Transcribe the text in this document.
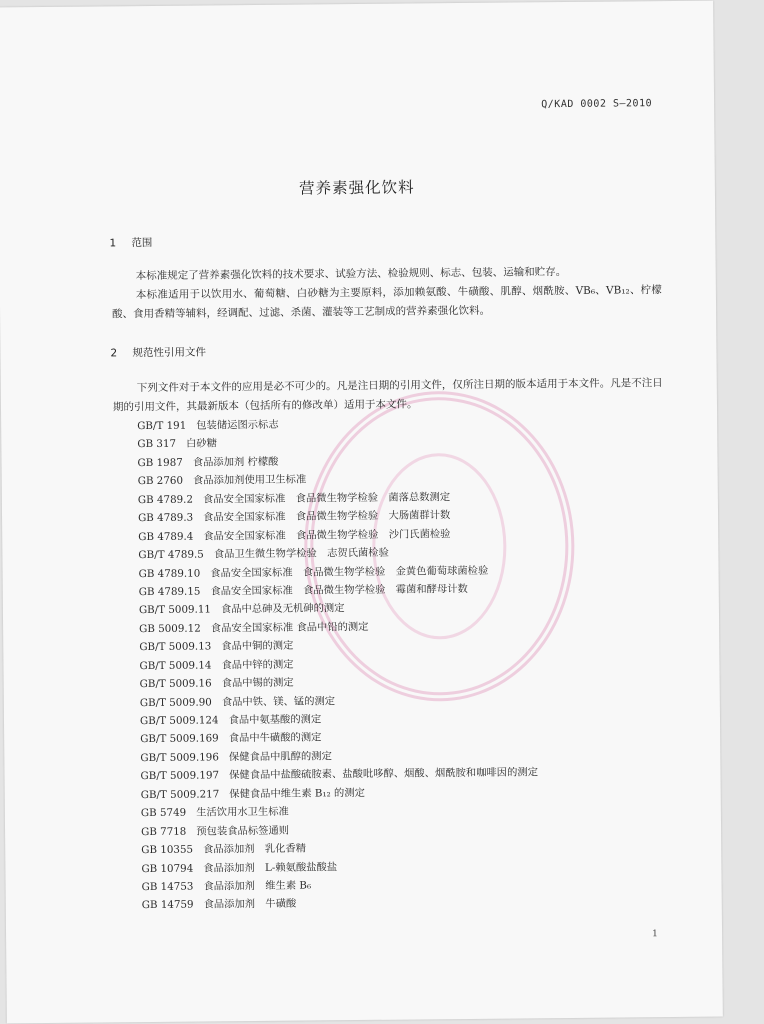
Q/KAD 0002 S—2010
营养素强化饮料
1 范围

本标准规定了营养素强化饮料的技术要求、试验方法、检验规则、标志、包装、运输和贮存。

本标准适用于以饮用水、葡萄糖、白砂糖为主要原料，添加赖氨酸、牛磺酸、肌醇、烟酰胺、VB₆、VB₁₂、柠檬酸、食用香精等辅料，经调配、过滤、杀菌、灌装等工艺制成的营养素强化饮料。

2 规范性引用文件

下列文件对于本文件的应用是必不可少的。凡是注日期的引用文件，仅所注日期的版本适用于本文件。凡是不注日期的引用文件，其最新版本（包括所有的修改单）适用于本文件。

GB/T 191 包装储运图示标志
GB 317 白砂糖
GB 1987 食品添加剂 柠檬酸
GB 2760 食品添加剂使用卫生标准
GB 4789.2 食品安全国家标准　食品微生物学检验　菌落总数测定
GB 4789.3 食品安全国家标准　食品微生物学检验　大肠菌群计数
GB 4789.4 食品安全国家标准　食品微生物学检验　沙门氏菌检验
GB/T 4789.5 食品卫生微生物学检验　志贺氏菌检验
GB 4789.10 食品安全国家标准　食品微生物学检验　金黄色葡萄球菌检验
GB 4789.15 食品安全国家标准　食品微生物学检验　霉菌和酵母计数
GB/T 5009.11 食品中总砷及无机砷的测定
GB 5009.12 食品安全国家标准 食品中铅的测定
GB/T 5009.13 食品中铜的测定
GB/T 5009.14 食品中锌的测定
GB/T 5009.16 食品中锡的测定
GB/T 5009.90 食品中铁、镁、锰的测定
GB/T 5009.124 食品中氨基酸的测定
GB/T 5009.169 食品中牛磺酸的测定
GB/T 5009.196 保健食品中肌醇的测定
GB/T 5009.197 保健食品中盐酸硫胺素、盐酸吡哆醇、烟酸、烟酰胺和咖啡因的测定
GB/T 5009.217 保健食品中维生素 B₁₂ 的测定
GB 5749 生活饮用水卫生标准
GB 7718 预包装食品标签通则
GB 10355 食品添加剂　乳化香精
GB 10794 食品添加剂　L-赖氨酸盐酸盐
GB 14753 食品添加剂　维生素 B₆
GB 14759 食品添加剂　牛磺酸
1
